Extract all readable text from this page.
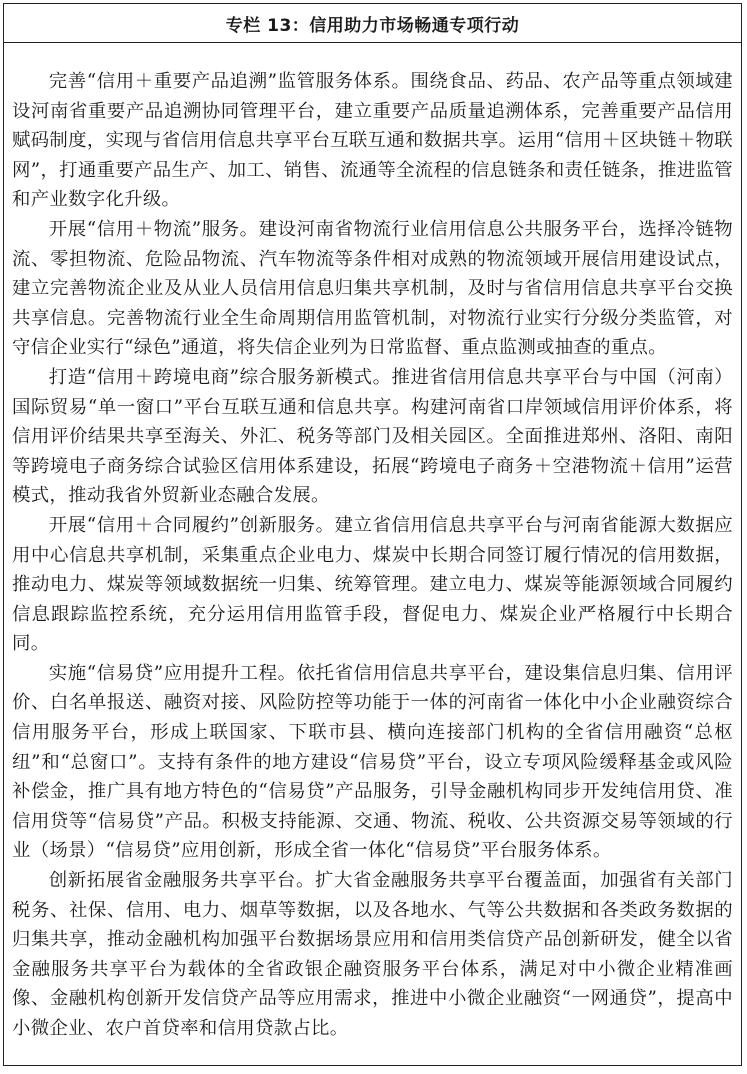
专栏 13：信用助力市场畅通专项行动

完善“信用＋重要产品追溯”监管服务体系。围绕食品、药品、农产品等重点领域建设河南省重要产品追溯协同管理平台，建立重要产品质量追溯体系，完善重要产品信用赋码制度，实现与省信用信息共享平台互联互通和数据共享。运用“信用＋区块链＋物联网”，打通重要产品生产、加工、销售、流通等全流程的信息链条和责任链条，推进监管和产业数字化升级。

开展“信用＋物流”服务。建设河南省物流行业信用信息公共服务平台，选择冷链物流、零担物流、危险品物流、汽车物流等条件相对成熟的物流领域开展信用建设试点，建立完善物流企业及从业人员信用信息归集共享机制，及时与省信用信息共享平台交换共享信息。完善物流行业全生命周期信用监管机制，对物流行业实行分级分类监管，对守信企业实行“绿色”通道，将失信企业列为日常监督、重点监测或抽查的重点。

打造“信用＋跨境电商”综合服务新模式。推进省信用信息共享平台与中国（河南）国际贸易“单一窗口”平台互联互通和信息共享。构建河南省口岸领域信用评价体系，将信用评价结果共享至海关、外汇、税务等部门及相关园区。全面推进郑州、洛阳、南阳等跨境电子商务综合试验区信用体系建设，拓展“跨境电子商务＋空港物流＋信用”运营模式，推动我省外贸新业态融合发展。

开展“信用＋合同履约”创新服务。建立省信用信息共享平台与河南省能源大数据应用中心信息共享机制，采集重点企业电力、煤炭中长期合同签订履行情况的信用数据，推动电力、煤炭等领域数据统一归集、统筹管理。建立电力、煤炭等能源领域合同履约信息跟踪监控系统，充分运用信用监管手段，督促电力、煤炭企业严格履行中长期合同。

实施“信易贷”应用提升工程。依托省信用信息共享平台，建设集信息归集、信用评价、白名单报送、融资对接、风险防控等功能于一体的河南省一体化中小企业融资综合信用服务平台，形成上联国家、下联市县、横向连接部门机构的全省信用融资“总枢纽”和“总窗口”。支持有条件的地方建设“信易贷”平台，设立专项风险缓释基金或风险补偿金，推广具有地方特色的“信易贷”产品服务，引导金融机构同步开发纯信用贷、准信用贷等“信易贷”产品。积极支持能源、交通、物流、税收、公共资源交易等领域的行业（场景）“信易贷”应用创新，形成全省一体化“信易贷”平台服务体系。

创新拓展省金融服务共享平台。扩大省金融服务共享平台覆盖面，加强省有关部门税务、社保、信用、电力、烟草等数据，以及各地水、气等公共数据和各类政务数据的归集共享，推动金融机构加强平台数据场景应用和信用类信贷产品创新研发，健全以省金融服务共享平台为载体的全省政银企融资服务平台体系，满足对中小微企业精准画像、金融机构创新开发信贷产品等应用需求，推进中小微企业融资“一网通贷”，提高中小微企业、农户首贷率和信用贷款占比。
